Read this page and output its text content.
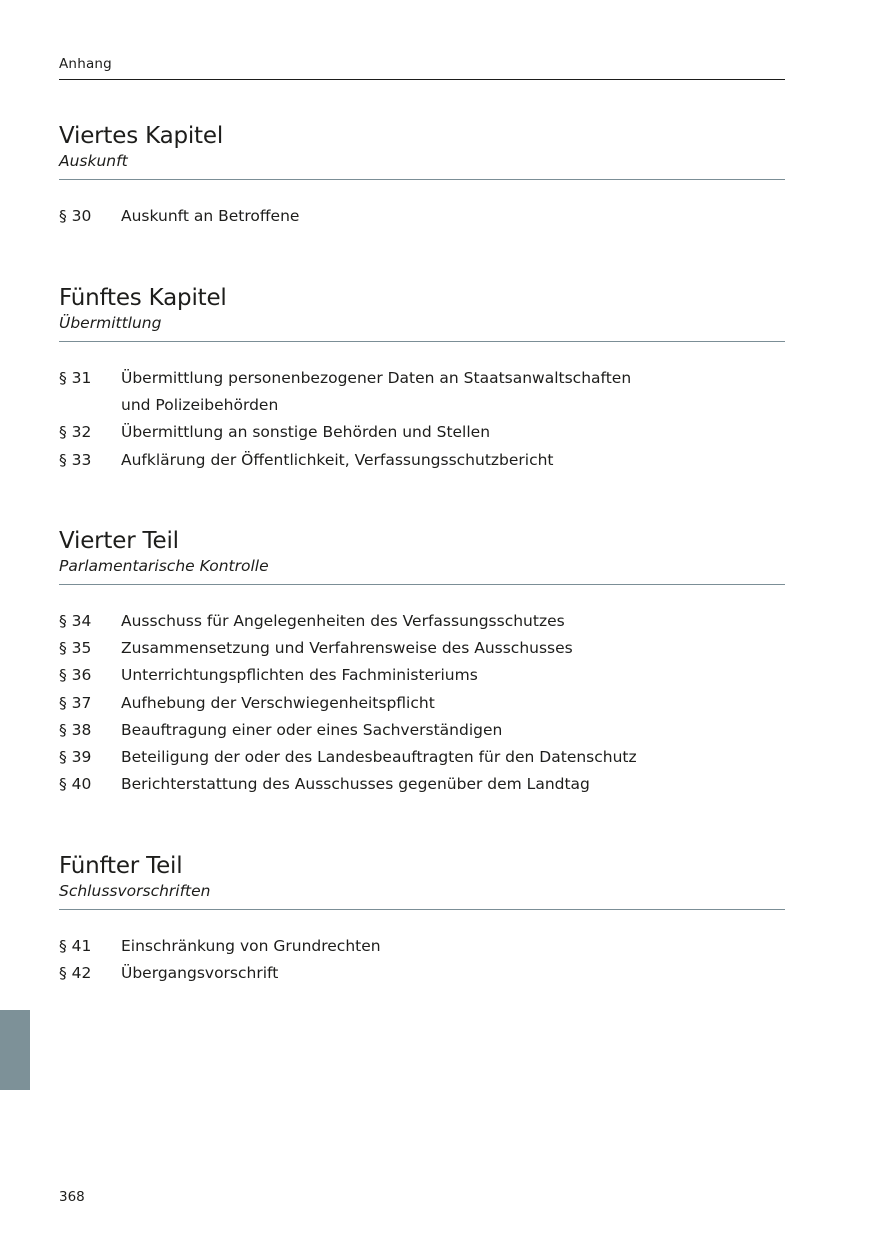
Anhang
Viertes Kapitel
Auskunft
§ 30 Auskunft an Betroffene
Fünftes Kapitel
Übermittlung
§ 31 Übermittlung personenbezogener Daten an Staatsanwaltschaften und Polizeibehörden
§ 32 Übermittlung an sonstige Behörden und Stellen
§ 33 Aufklärung der Öffentlichkeit, Verfassungsschutzbericht
Vierter Teil
Parlamentarische Kontrolle
§ 34 Ausschuss für Angelegenheiten des Verfassungsschutzes
§ 35 Zusammensetzung und Verfahrensweise des Ausschusses
§ 36 Unterrichtungspflichten des Fachministeriums
§ 37 Aufhebung der Verschwiegenheitspflicht
§ 38 Beauftragung einer oder eines Sachverständigen
§ 39 Beteiligung der oder des Landesbeauftragten für den Datenschutz
§ 40 Berichterstattung des Ausschusses gegenüber dem Landtag
Fünfter Teil
Schlussvorschriften
§ 41 Einschränkung von Grundrechten
§ 42 Übergangsvorschrift
368
